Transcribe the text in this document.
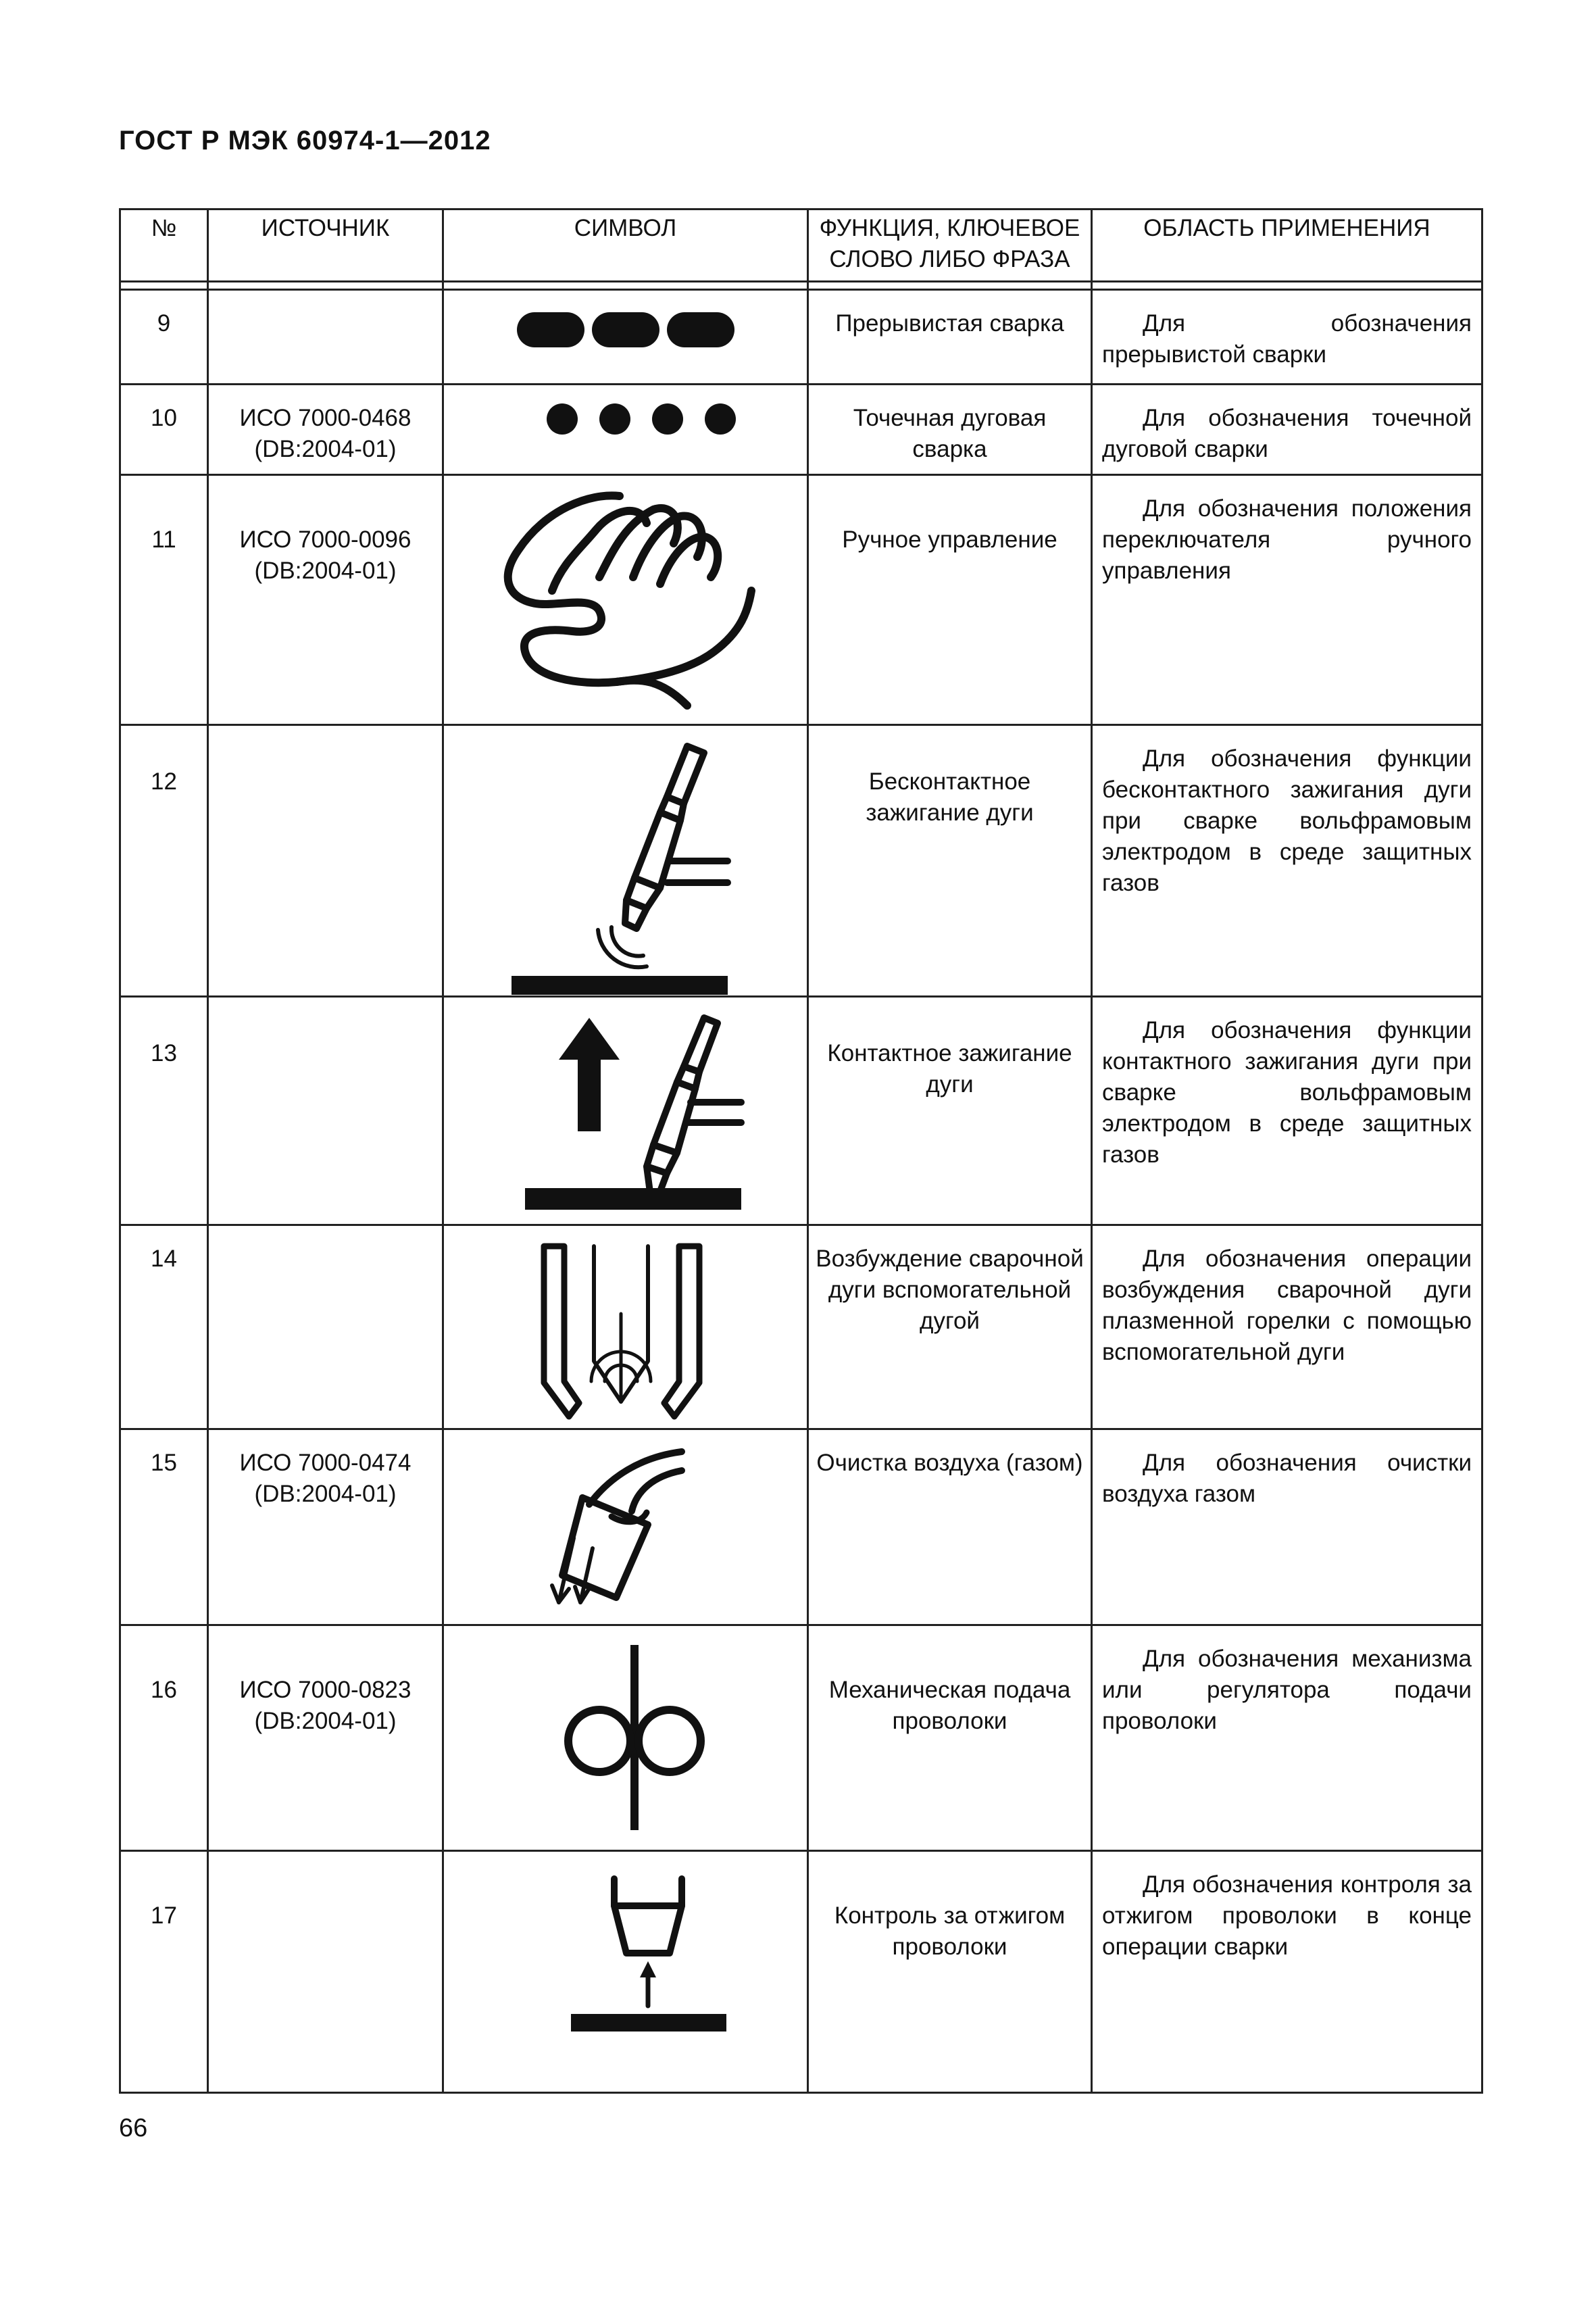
ГОСТ Р МЭК 60974-1—2012
№	ИСТОЧНИК	СИМВОЛ	ФУНКЦИЯ, КЛЮЧЕВОЕ
СЛОВО ЛИБО ФРАЗА	ОБЛАСТЬ ПРИМЕНЕНИЯ

9			Прерывистая сварка	Для обозначения прерывистой сварки

10	ИСО 7000-0468
(DB:2004-01)		Точечная дуговая сварка	Для обозначения точечной дуговой сварки

11	ИСО 7000-0096
(DB:2004-01)		Ручное управление	Для обозначения положения переключателя ручного управления

12			Бесконтактное зажигание дуги	Для обозначения функции бесконтактного зажигания дуги при сварке вольфрамовым электродом в среде защитных газов

13			Контактное зажигание дуги	Для обозначения функции контактного зажигания дуги при сварке вольфрамовым электродом в среде защитных газов

14			Возбуждение сварочной дуги вспомогательной дугой	Для обозначения операции возбуждения сварочной дуги плазменной горелки с помощью вспомогательной дуги

15	ИСО 7000-0474
(DB:2004-01)		Очистка воздуха (газом)	Для обозначения очистки воздуха газом

16	ИСО 7000-0823
(DB:2004-01)		Механическая подача проволоки	Для обозначения механизма или регулятора подачи проволоки

17			Контроль за отжигом проволоки	Для обозначения контроля за отжигом проволоки в конце операции сварки
66
